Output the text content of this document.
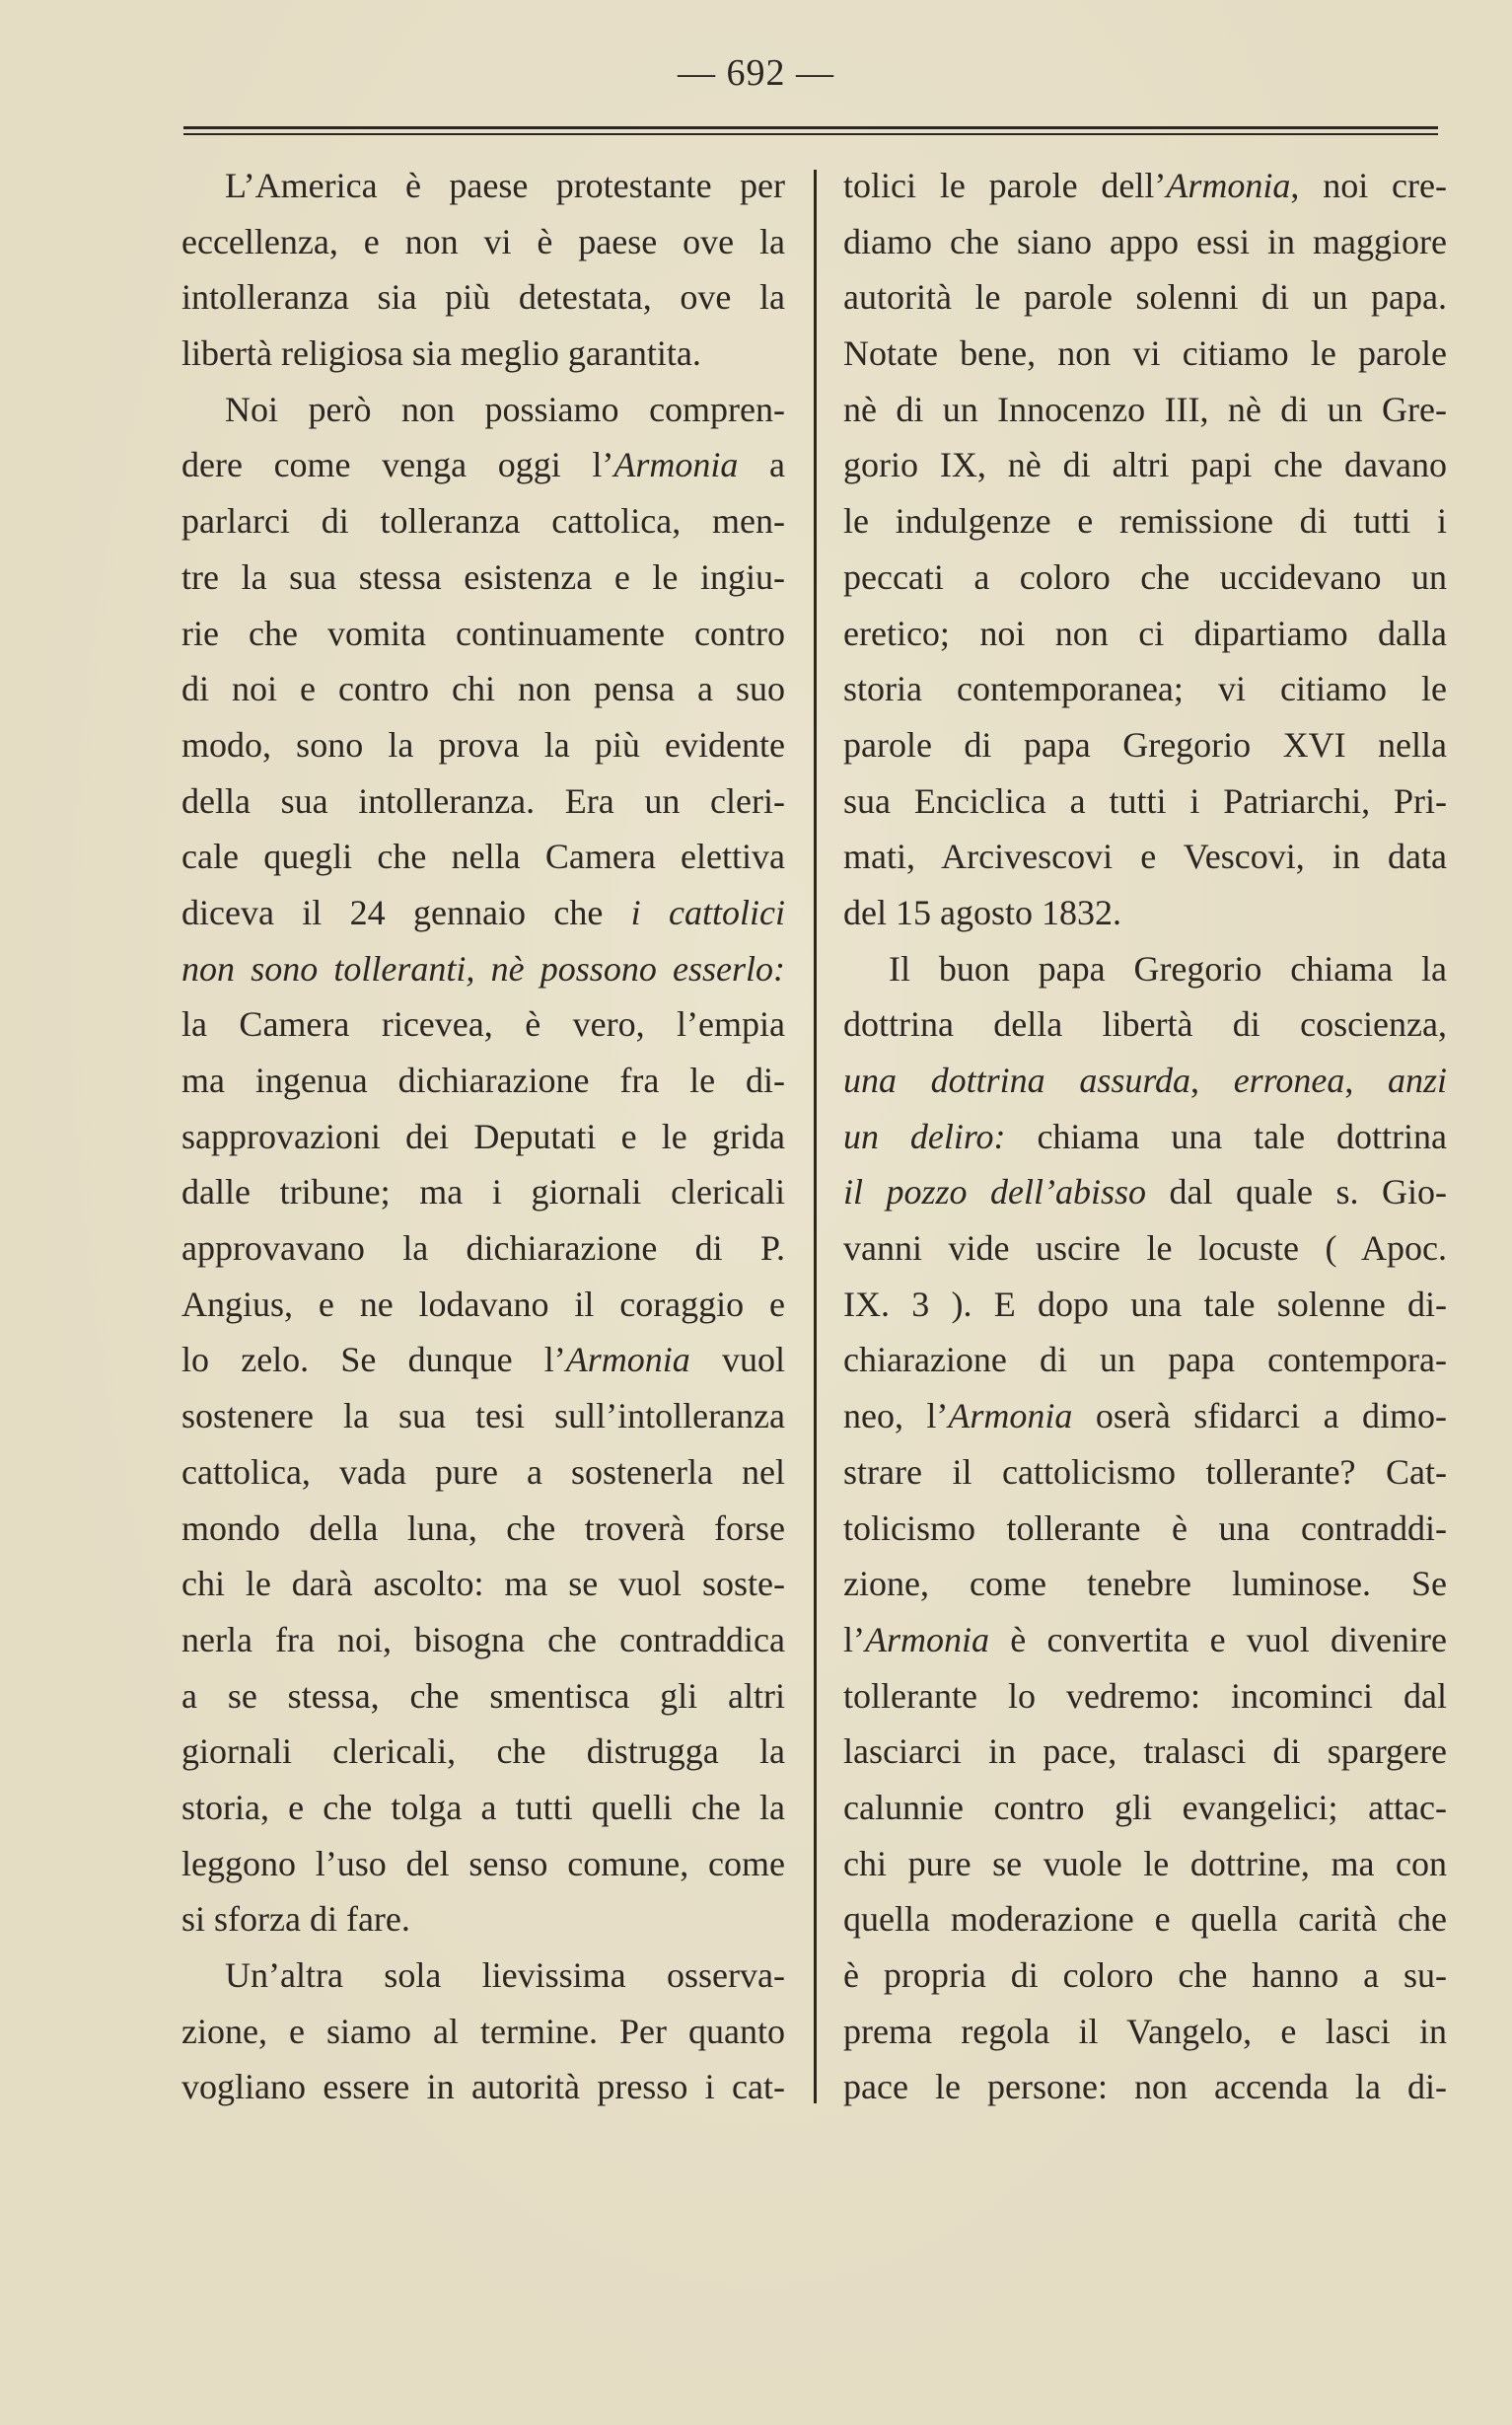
— 692 —
L’America è paese protestante per
eccellenza, e non vi è paese ove la
intolleranza sia più detestata, ove la
libertà religiosa sia meglio garantita.
Noi però non possiamo compren-
dere come venga oggi l’Armonia a
parlarci di tolleranza cattolica, men-
tre la sua stessa esistenza e le ingiu-
rie che vomita continuamente contro
di noi e contro chi non pensa a suo
modo, sono la prova la più evidente
della sua intolleranza. Era un cleri-
cale quegli che nella Camera elettiva
diceva il 24 gennaio che i cattolici
non sono tolleranti, nè possono esserlo:
la Camera ricevea, è vero, l’empia
ma ingenua dichiarazione fra le di-
sapprovazioni dei Deputati e le grida
dalle tribune; ma i giornali clericali
approvavano la dichiarazione di P.
Angius, e ne lodavano il coraggio e
lo zelo. Se dunque l’Armonia vuol
sostenere la sua tesi sull’intolleranza
cattolica, vada pure a sostenerla nel
mondo della luna, che troverà forse
chi le darà ascolto: ma se vuol soste-
nerla fra noi, bisogna che contraddica
a se stessa, che smentisca gli altri
giornali clericali, che distrugga la
storia, e che tolga a tutti quelli che la
leggono l’uso del senso comune, come
si sforza di fare.
Un’altra sola lievissima osserva-
zione, e siamo al termine. Per quanto
vogliano essere in autorità presso i cat-
tolici le parole dell’Armonia, noi cre-
diamo che siano appo essi in maggiore
autorità le parole solenni di un papa.
Notate bene, non vi citiamo le parole
nè di un Innocenzo III, nè di un Gre-
gorio IX, nè di altri papi che davano
le indulgenze e remissione di tutti i
peccati a coloro che uccidevano un
eretico; noi non ci dipartiamo dalla
storia contemporanea; vi citiamo le
parole di papa Gregorio XVI nella
sua Enciclica a tutti i Patriarchi, Pri-
mati, Arcivescovi e Vescovi, in data
del 15 agosto 1832.
Il buon papa Gregorio chiama la
dottrina della libertà di coscienza,
una dottrina assurda, erronea, anzi
un deliro: chiama una tale dottrina
il pozzo dell’abisso dal quale s. Gio-
vanni vide uscire le locuste ( Apoc.
IX. 3 ). E dopo una tale solenne di-
chiarazione di un papa contempora-
neo, l’Armonia oserà sfidarci a dimo-
strare il cattolicismo tollerante? Cat-
tolicismo tollerante è una contraddi-
zione, come tenebre luminose. Se
l’Armonia è convertita e vuol divenire
tollerante lo vedremo: incominci dal
lasciarci in pace, tralasci di spargere
calunnie contro gli evangelici; attac-
chi pure se vuole le dottrine, ma con
quella moderazione e quella carità che
è propria di coloro che hanno a su-
prema regola il Vangelo, e lasci in
pace le persone: non accenda la di-
